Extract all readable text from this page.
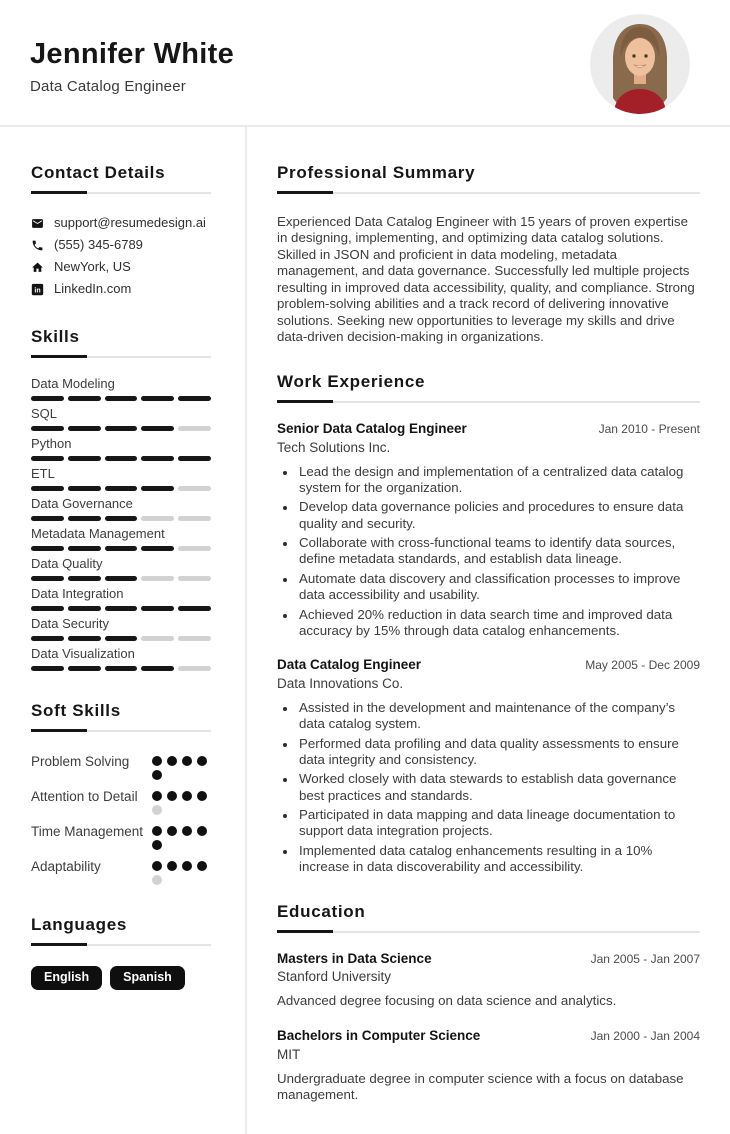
Jennifer White
Data Catalog Engineer
Contact Details
support@resumedesign.ai
(555) 345-6789
NewYork, US
in LinkedIn.com
Skills
Data Modeling
SQL
Python
ETL
Data Governance
Metadata Management
Data Quality
Data Integration
Data Security
Data Visualization
Soft Skills
Problem Solving
Attention to Detail
Time Management
Adaptability
Languages
English	Spanish
Professional Summary

Experienced Data Catalog Engineer with 15 years of proven expertise in designing, implementing, and optimizing data catalog solutions. Skilled in JSON and proficient in data modeling, metadata management, and data governance. Successfully led multiple projects resulting in improved data accessibility, quality, and compliance. Strong problem-solving abilities and a track record of delivering innovative solutions. Seeking new opportunities to leverage my skills and drive data-driven decision-making in organizations.

Work Experience
Senior Data Catalog Engineer	Jan 2010 - Present
Tech Solutions Inc.
• Lead the design and implementation of a centralized data catalog system for the organization.
• Develop data governance policies and procedures to ensure data quality and security.
• Collaborate with cross-functional teams to identify data sources, define metadata standards, and establish data lineage.
• Automate data discovery and classification processes to improve data accessibility and usability.
• Achieved 20% reduction in data search time and improved data accuracy by 15% through data catalog enhancements.
Data Catalog Engineer	May 2005 - Dec 2009
Data Innovations Co.
• Assisted in the development and maintenance of the company’s data catalog system.
• Performed data profiling and data quality assessments to ensure data integrity and consistency.
• Worked closely with data stewards to establish data governance best practices and standards.
• Participated in data mapping and data lineage documentation to support data integration projects.
• Implemented data catalog enhancements resulting in a 10% increase in data discoverability and accessibility.
Education
Masters in Data Science	Jan 2005 - Jan 2007
Stanford University

Advanced degree focusing on data science and analytics.

Bachelors in Computer Science	Jan 2000 - Jan 2004
MIT

Undergraduate degree in computer science with a focus on database management.
